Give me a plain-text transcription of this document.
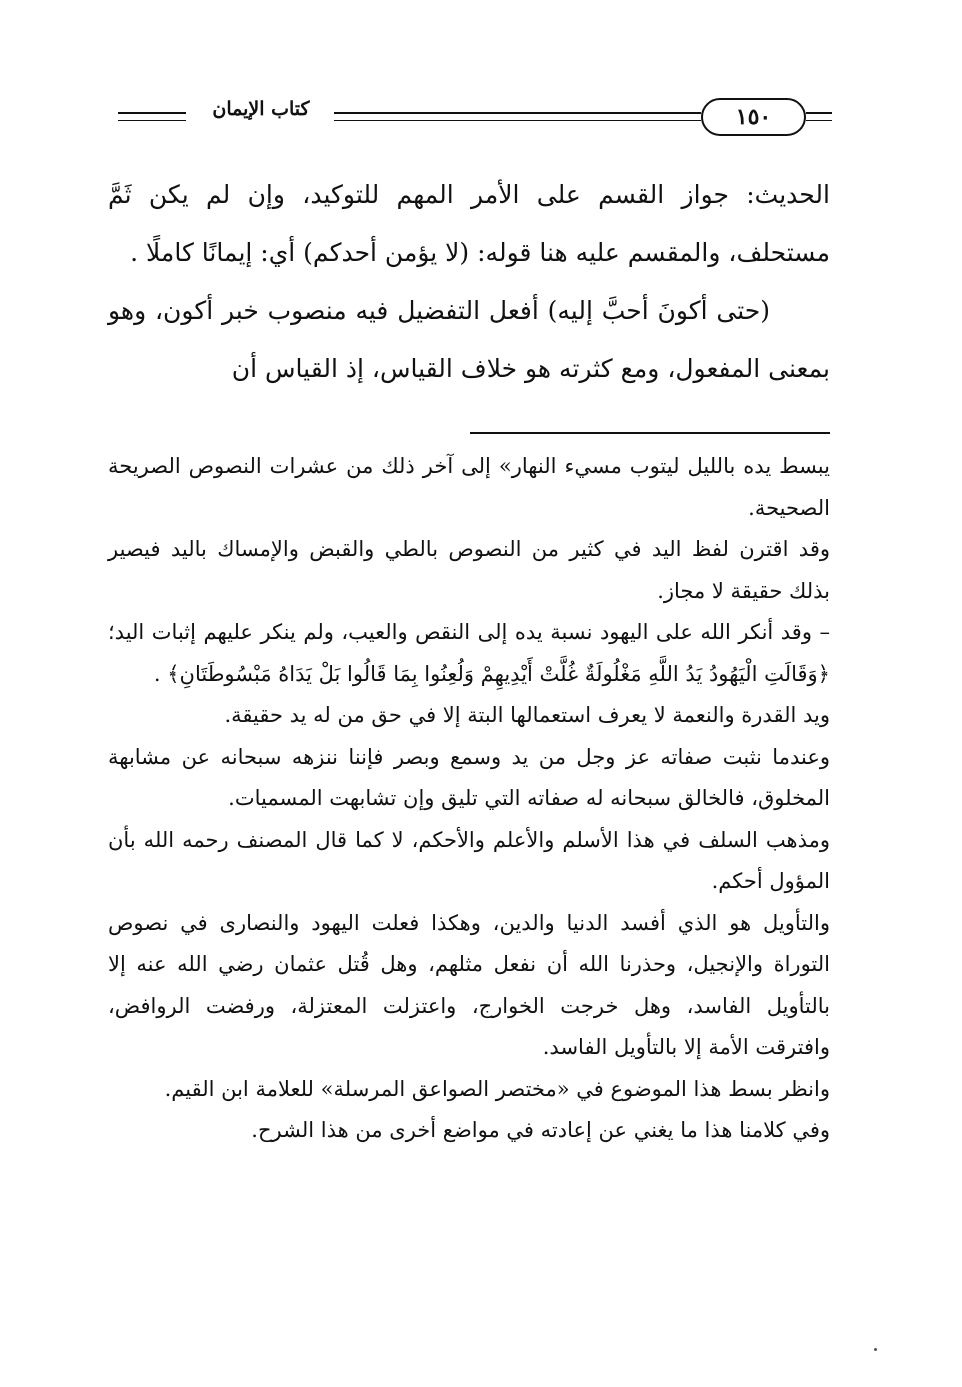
١٥٠
كتاب الإيمان

الحديث: جواز القسم على الأمر المهم للتوكيد، وإن لم يكن ثَمَّ مستحلف، والمقسم عليه هنا قوله: (لا يؤمن أحدكم) أي: إيمانًا كاملًا .

(حتى أكونَ أحبَّ إليه) أفعل التفضيل فيه منصوب خبر أكون، وهو بمعنى المفعول، ومع كثرته هو خلاف القياس، إذ القياس أن

يبسط يده بالليل ليتوب مسيء النهار» إلى آخر ذلك من عشرات النصوص الصريحة الصحيحة.

وقد اقترن لفظ اليد في كثير من النصوص بالطي والقبض والإمساك باليد فيصير بذلك حقيقة لا مجاز.

– وقد أنكر الله على اليهود نسبة يده إلى النقص والعيب، ولم ينكر عليهم إثبات اليد؛ ﴿وَقَالَتِ الْيَهُودُ يَدُ اللَّهِ مَغْلُولَةٌ غُلَّتْ أَيْدِيهِمْ وَلُعِنُوا بِمَا قَالُوا بَلْ يَدَاهُ مَبْسُوطَتَانِ﴾ .

ويد القدرة والنعمة لا يعرف استعمالها البتة إلا في حق من له يد حقيقة.

وعندما نثبت صفاته عز وجل من يد وسمع وبصر فإننا ننزهه سبحانه عن مشابهة المخلوق، فالخالق سبحانه له صفاته التي تليق وإن تشابهت المسميات.

ومذهب السلف في هذا الأسلم والأعلم والأحكم، لا كما قال المصنف رحمه الله بأن المؤول أحكم.

والتأويل هو الذي أفسد الدنيا والدين، وهكذا فعلت اليهود والنصارى في نصوص التوراة والإنجيل، وحذرنا الله أن نفعل مثلهم، وهل قُتل عثمان رضي الله عنه إلا بالتأويل الفاسد، وهل خرجت الخوارج، واعتزلت المعتزلة، ورفضت الروافض، وافترقت الأمة إلا بالتأويل الفاسد.

وانظر بسط هذا الموضوع في «مختصر الصواعق المرسلة» للعلامة ابن القيم.

وفي كلامنا هذا ما يغني عن إعادته في مواضع أخرى من هذا الشرح.
